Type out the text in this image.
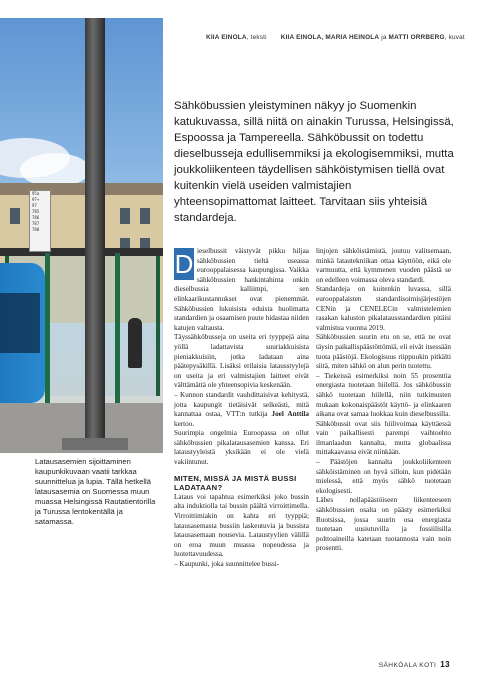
95a
97+
97
785
786
787
788
Latausasemien sijoittaminen kaupunkikuvaan vaatii tarkkaa suunnittelua ja lupia. Tällä hetkellä latausasemia on Suomessa muun muassa Helsingissä Rautatientorilla ja Turussa lentokentällä ja satamassa.
KIIA EINOLA, teksti KIIA EINOLA, MARIA HEINOLA ja MATTI ORRBERG, kuvat
Sähköbussien yleistyminen näkyy jo Suomenkin katukuvassa, sillä niitä on ainakin Turussa, Helsingissä, Espoossa ja Tampereella. Sähköbussit on todettu dieselbusseja edullisemmiksi ja ekologisemmiksi, mutta joukkoliikenteen täydellisen sähköistymisen tiellä ovat kuitenkin vielä useiden valmistajien yhteensopimattomat laitteet. Tarvitaan siis yhteisiä standardeja.

D ieselbussit väistyvät pikku hiljaa sähköbussien tieltä useassa eurooppalaisessa kaupungissa. Vaikka sähköbussien hankintahinta onkin dieselbussia kalliimpi, sen elinkaarikustannukset ovat pienemmät. Sähköbussien lukuisista eduista huolimatta standardien ja osaamisen puute hidastaa niiden katujen valtausta.

Täyssähköbusseja on useita eri tyyppejä aina yöllä ladattavista suuriakkuisista pieniakkuisiin, jotka ladataan aina päätepysäkillä. Lisäksi erilaisia latausstyylejä on useita ja eri valmistajien laitteet eivät välttämättä ole yhteensopivia keskenään.

– Kunnon standardit vauhdittaisivat kehitystä, jotta kaupungit tietäisivät selkeästi, mitä kannattaa ostaa, VTT:n tutkija Joel Anttila kertoo.

Suurimpia ongelmia Euroopassa on ollut sähköbussien pikalatausasemien kanssa. Eri lataustyyleistä yksikään ei ole vielä vakiintunut.

MITEN, MISSÄ JA MISTÄ BUSSI LADATAAN?

Lataus voi tapahtua esimerkiksi joko bussin alta induktiolla tai bussin päältä virroittimella. Virroittimiakin on kahta eri tyyppiä; latausasemasta bussiin laskeutuvia ja bussista latausasemaan nousevia. Lataustyylien välillä on eroa muun muassa nopeudessa ja luotettavuudessa.

– Kaupunki, joka suunnittelee bussi-

linjojen sähköistämistä, joutuu valitsemaan, minkä latautekniikan ottaa käyttöön, eikä ole varmuutta, että kymmenen vuoden päästä se on edelleen voimassa oleva standardi.

Standardeja on kuitenkin luvassa, sillä eurooppalaisten standardisoimisjärjestöjen CENin ja CENELECin valmistelemien rasakan kaluston pikalatausstandardien pitäisi valmistua vuonna 2019.

Sähköbussien suurin etu on se, että ne ovat täysin paikallispäästöttömiä, eli eivät itsessään tuota päästöjä. Ekologisuus riippuukin pitkälti siitä, miten sähkö on alun perin tuotettu.

– Tiekeissä esimerkiksi noin 55 prosenttia energiasta tuotetaan hiilellä. Jos sähköbussin sähkö tuotetaan hiilellä, niin tutkimusten mukaan kokonaispäästöt käyttö- ja elinkaaren aikana ovat samaa luokkaa kuin dieselbussilla.

Sähköbussit ovat siis hiilivoimaa käyttäessä vain paikallisesti parempi vaihtoehto ilmanlaadun kannalta, mutta globaalissa mittakaavassa eivät niinkään.

– Päästöjen kannalta joukkoliikenteen sähköistäminen on hyvä silloin, kun pidetään mielessä, että myös sähkö tuotetaan ekologisesti.

Lähes nollapäästöiseen liikenteeseen sähköbussien osalta on päästy esimerkiksi Ruotsissa, jossa suurin osa energiasta tuotetaan uusiutuvilla ja fossiilisilla polttoaineilla katetaan tuotannosta vain noin prosentti.

SÄHKÖALA KOTI 13
